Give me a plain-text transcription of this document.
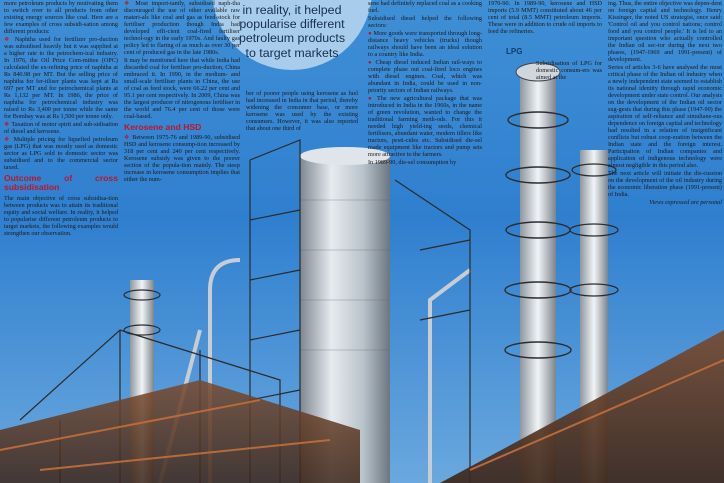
in reality, it helped
popularise different
petroleum products
to target markets

more petroleum products by motivating them to switch over to all products from other existing energy sources like coal. Here are a few examples of cross subsidi-sation among different products:

❖ Naphtha used for fertilizer pro-duction was subsidised heavily but it was supplied at a higher rate to the petrochem-ical industry. In 1976, the Oil Price Com-mittee (OPC) calculated the ex-refining price of naphtha at Rs 840.98 per MT. But the selling price of naphtha for fer-tiliser plants was kept at Rs 697 per MT and for petrochemical plants at Rs 1,132 per MT. In 1986, the price of naphtha for petrochemical industry was raised to Rs 3,400 per tonne while the same for Bombay was at Rs 1,500 per tonne only.

❖ Taxation of motor spirit and sub-sidisation of diesel and kerosene.

❖ Multiple pricing for liquefied petroleum gas (LPG) that was mostly used as domestic sector as LPG sold to domestic sector was subsidised and to the commercial sector taxed.

Outcome of cross subsidisation

The main objective of cross subsidisa-tion between products was to attain its traditional equity and social welfare. In reality, it helped to popularise different petroleum products to target markets, the following examples would strengthen our observation.

❖ Most import-tantly, subsidised naph-tha discouraged the use of other available raw materi-als like coal and gas as feed-stock for fertiliser production though India had developed effi-cient coal-fired fertiliser technol-ogy in the early 1970s. And faulty gas policy led to flaring of as much as over 30 per cent of produced gas in the late 1980s.

It may be mentioned here that while India had discarded coal for fertiliser pro-duction, China embraced it. In 1990, in the medium- and small-scale fertiliser plants in China, the use of coal as feed stock, were 66.22 per cent and 95.1 per cent respectively. In 2009, China was the largest producer of nitrogenous fertiliser in the world and 76.4 per cent of those were coal-based.

Kerosene and HSD

❖ Between 1975-76 and 1989-90, subsidised HSD and kerosene consump-tion increased by 318 per cent and 240 per cent respectively. Kerosene subsidy was given to the poorer section of the popula-tion mainly. The steep increase in kerosene consumption implies that either the num-

ber of poorer people using kerosene as fuel had increased in India in that period, thereby widening the consumer base, or more kerosene was used by the existing consumers. However, it was also reported that about one third of

sene had definitely replaced coal as a cooking fuel.

Subsidised diesel helped the following sectors:

● More goods were transported through long-distance heavy vehicles (trucks) though railways should have been an ideal solution to a country like India.

● Cheap diesel induced Indian rail-ways to complete phase out coal-fired loco engines with diesel engines. Coal, which was abundant in India, could be used in non-priority sectors of Indian railways.

● The new agricultural package that was introduced in India in the 1960s, in the name of green revolution, wanted to change the traditional farming meth-ods. For this it needed high yield-ing seeds, chemical fertilisers, abundant water, modern tillers like tractors, pesti-cides etc. Subsidised die-sel made equipment like tractors and pump sets more attractive to the farmers.

In 1989-90, die-sel consumption by

1970-90. In 1989-90, kerosene and HSD imports (5.9 MMT) constituted about 46 per cent of total (8.5 MMT) petroleum imports. These were in addition to crude oil imports to feed the refineries.

LPG

Subsidisation of LPG for domestic consum-ers was aimed at the

ing. Thus, the entire objective was depen-dent on foreign capital and technology. Henry Kissinger, the noted US strategist, once said: 'Control oil and you control nations; control food and you control people.' It is led to an important question who actually controlled the Indian oil sec-tor during the next two phases, (1947-1969 and 1991-present) of development.

Series of articles 3-6 have analysed the most critical phase of the Indian oil industry when a newly independent state seemed to establish its national identity through rapid economic development under state control. Our analysis on the development of the Indian oil sector sug-gests that during this phase (1947-90) the aspiration of self-reliance and simultane-ous dependence on foreign capital and technology had resulted in a relation of insignificant conflicts but robust coop-eration between the Indian state and the foreign interest. Participation of Indian companies and application of indigenous technology were almost negligible in this period also.

The next article will initiate the dis-cussion on the development of the oil industry during the economic liberation phase (1991-present) of India.

Views expressed are personal
